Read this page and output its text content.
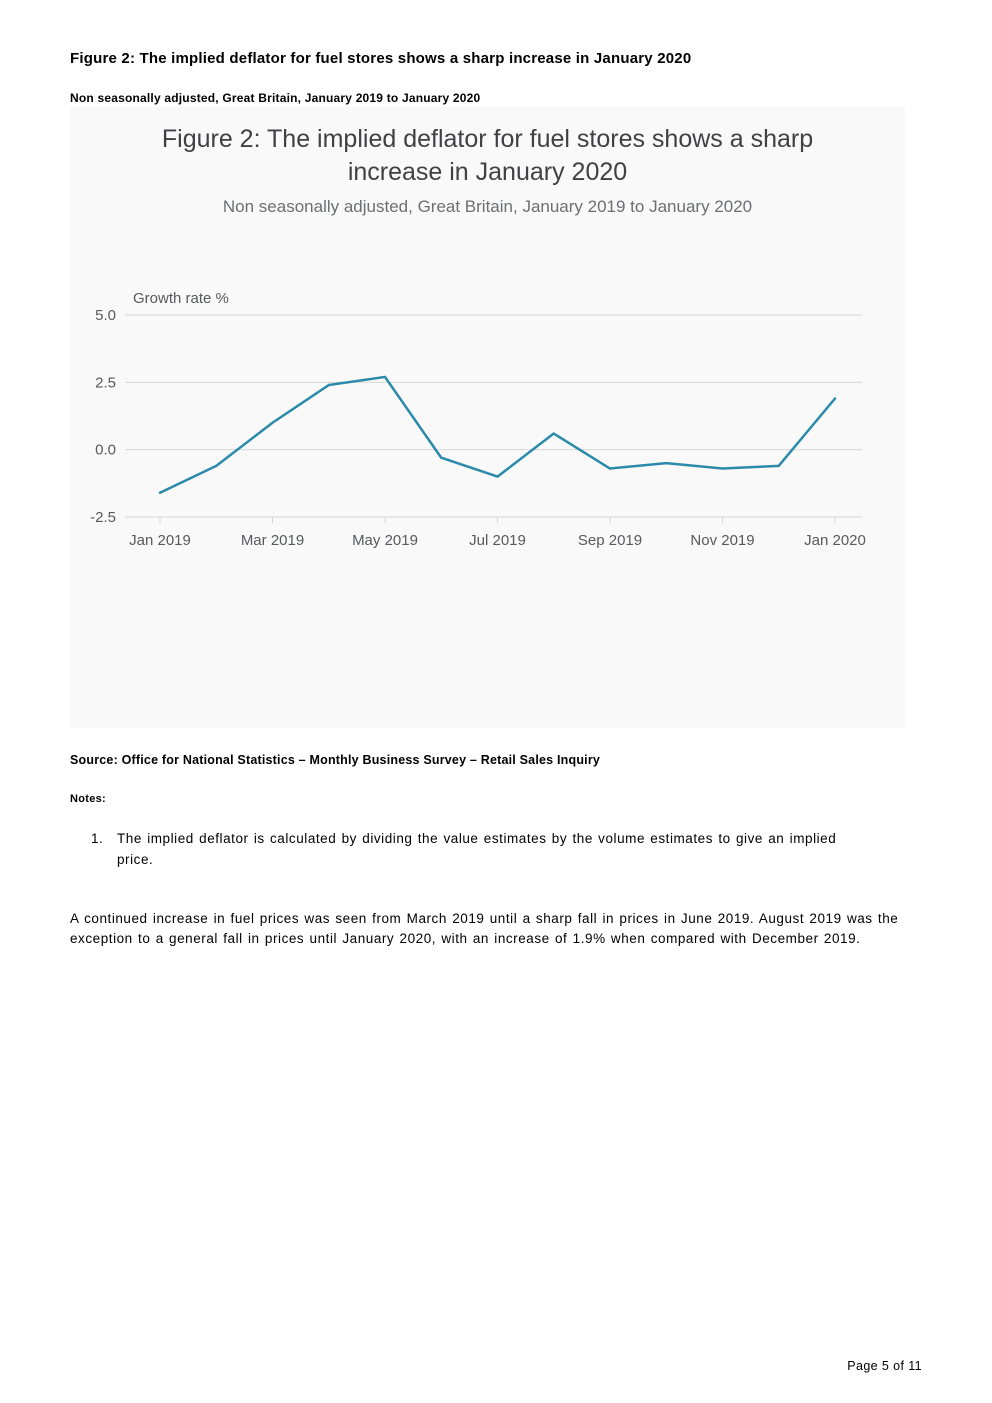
Figure 2: The implied deflator for fuel stores shows a sharp increase in January 2020
Non seasonally adjusted, Great Britain, January 2019 to January 2020
Figure 2: The implied deflator for fuel stores shows a sharp increase in January 2020
Non seasonally adjusted, Great Britain, January 2019 to January 2020
Growth rate %
5.0
2.5
0.0
-2.5
Jan 2019	Mar 2019	May 2019	Jul 2019	Sep 2019	Nov 2019	Jan 2020
Source: Office for National Statistics – Monthly Business Survey – Retail Sales Inquiry
Notes:
1.	The implied deflator is calculated by dividing the value estimates by the volume estimates to give an implied price.
A continued increase in fuel prices was seen from March 2019 until a sharp fall in prices in June 2019. August 2019 was the exception to a general fall in prices until January 2020, with an increase of 1.9% when compared with December 2019.
Page 5 of 11
